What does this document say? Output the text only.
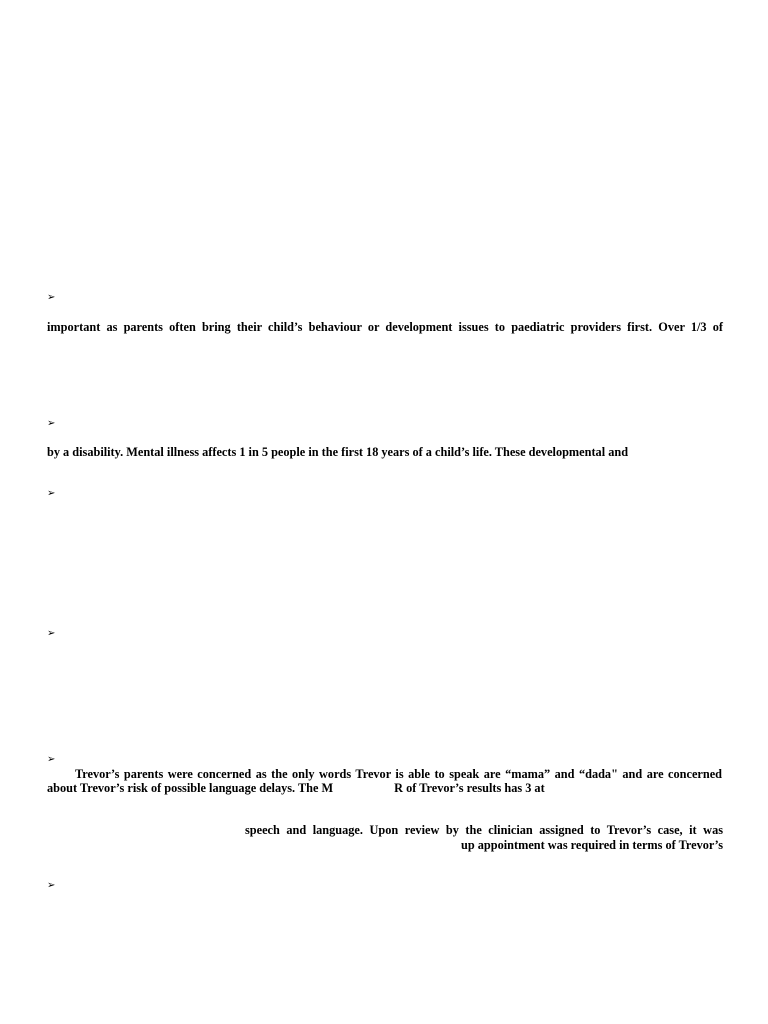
➢
important as parents often bring their child’s behaviour or development issues to paediatric providers first. Over 1/3 of
➢
by a disability. Mental illness affects 1 in 5 people in the first 18 years of a child’s life. These developmental and
➢
➢
➢
Trevor’s parents were concerned as the only words Trevor is able to speak are “mama” and “dada" and are concerned
about Trevor’s risk of possible language delays. The M	R of Trevor’s results has 3 at
speech and language. Upon review by the clinician assigned to Trevor’s case, it was
up appointment was required in terms of Trevor’s
➢
